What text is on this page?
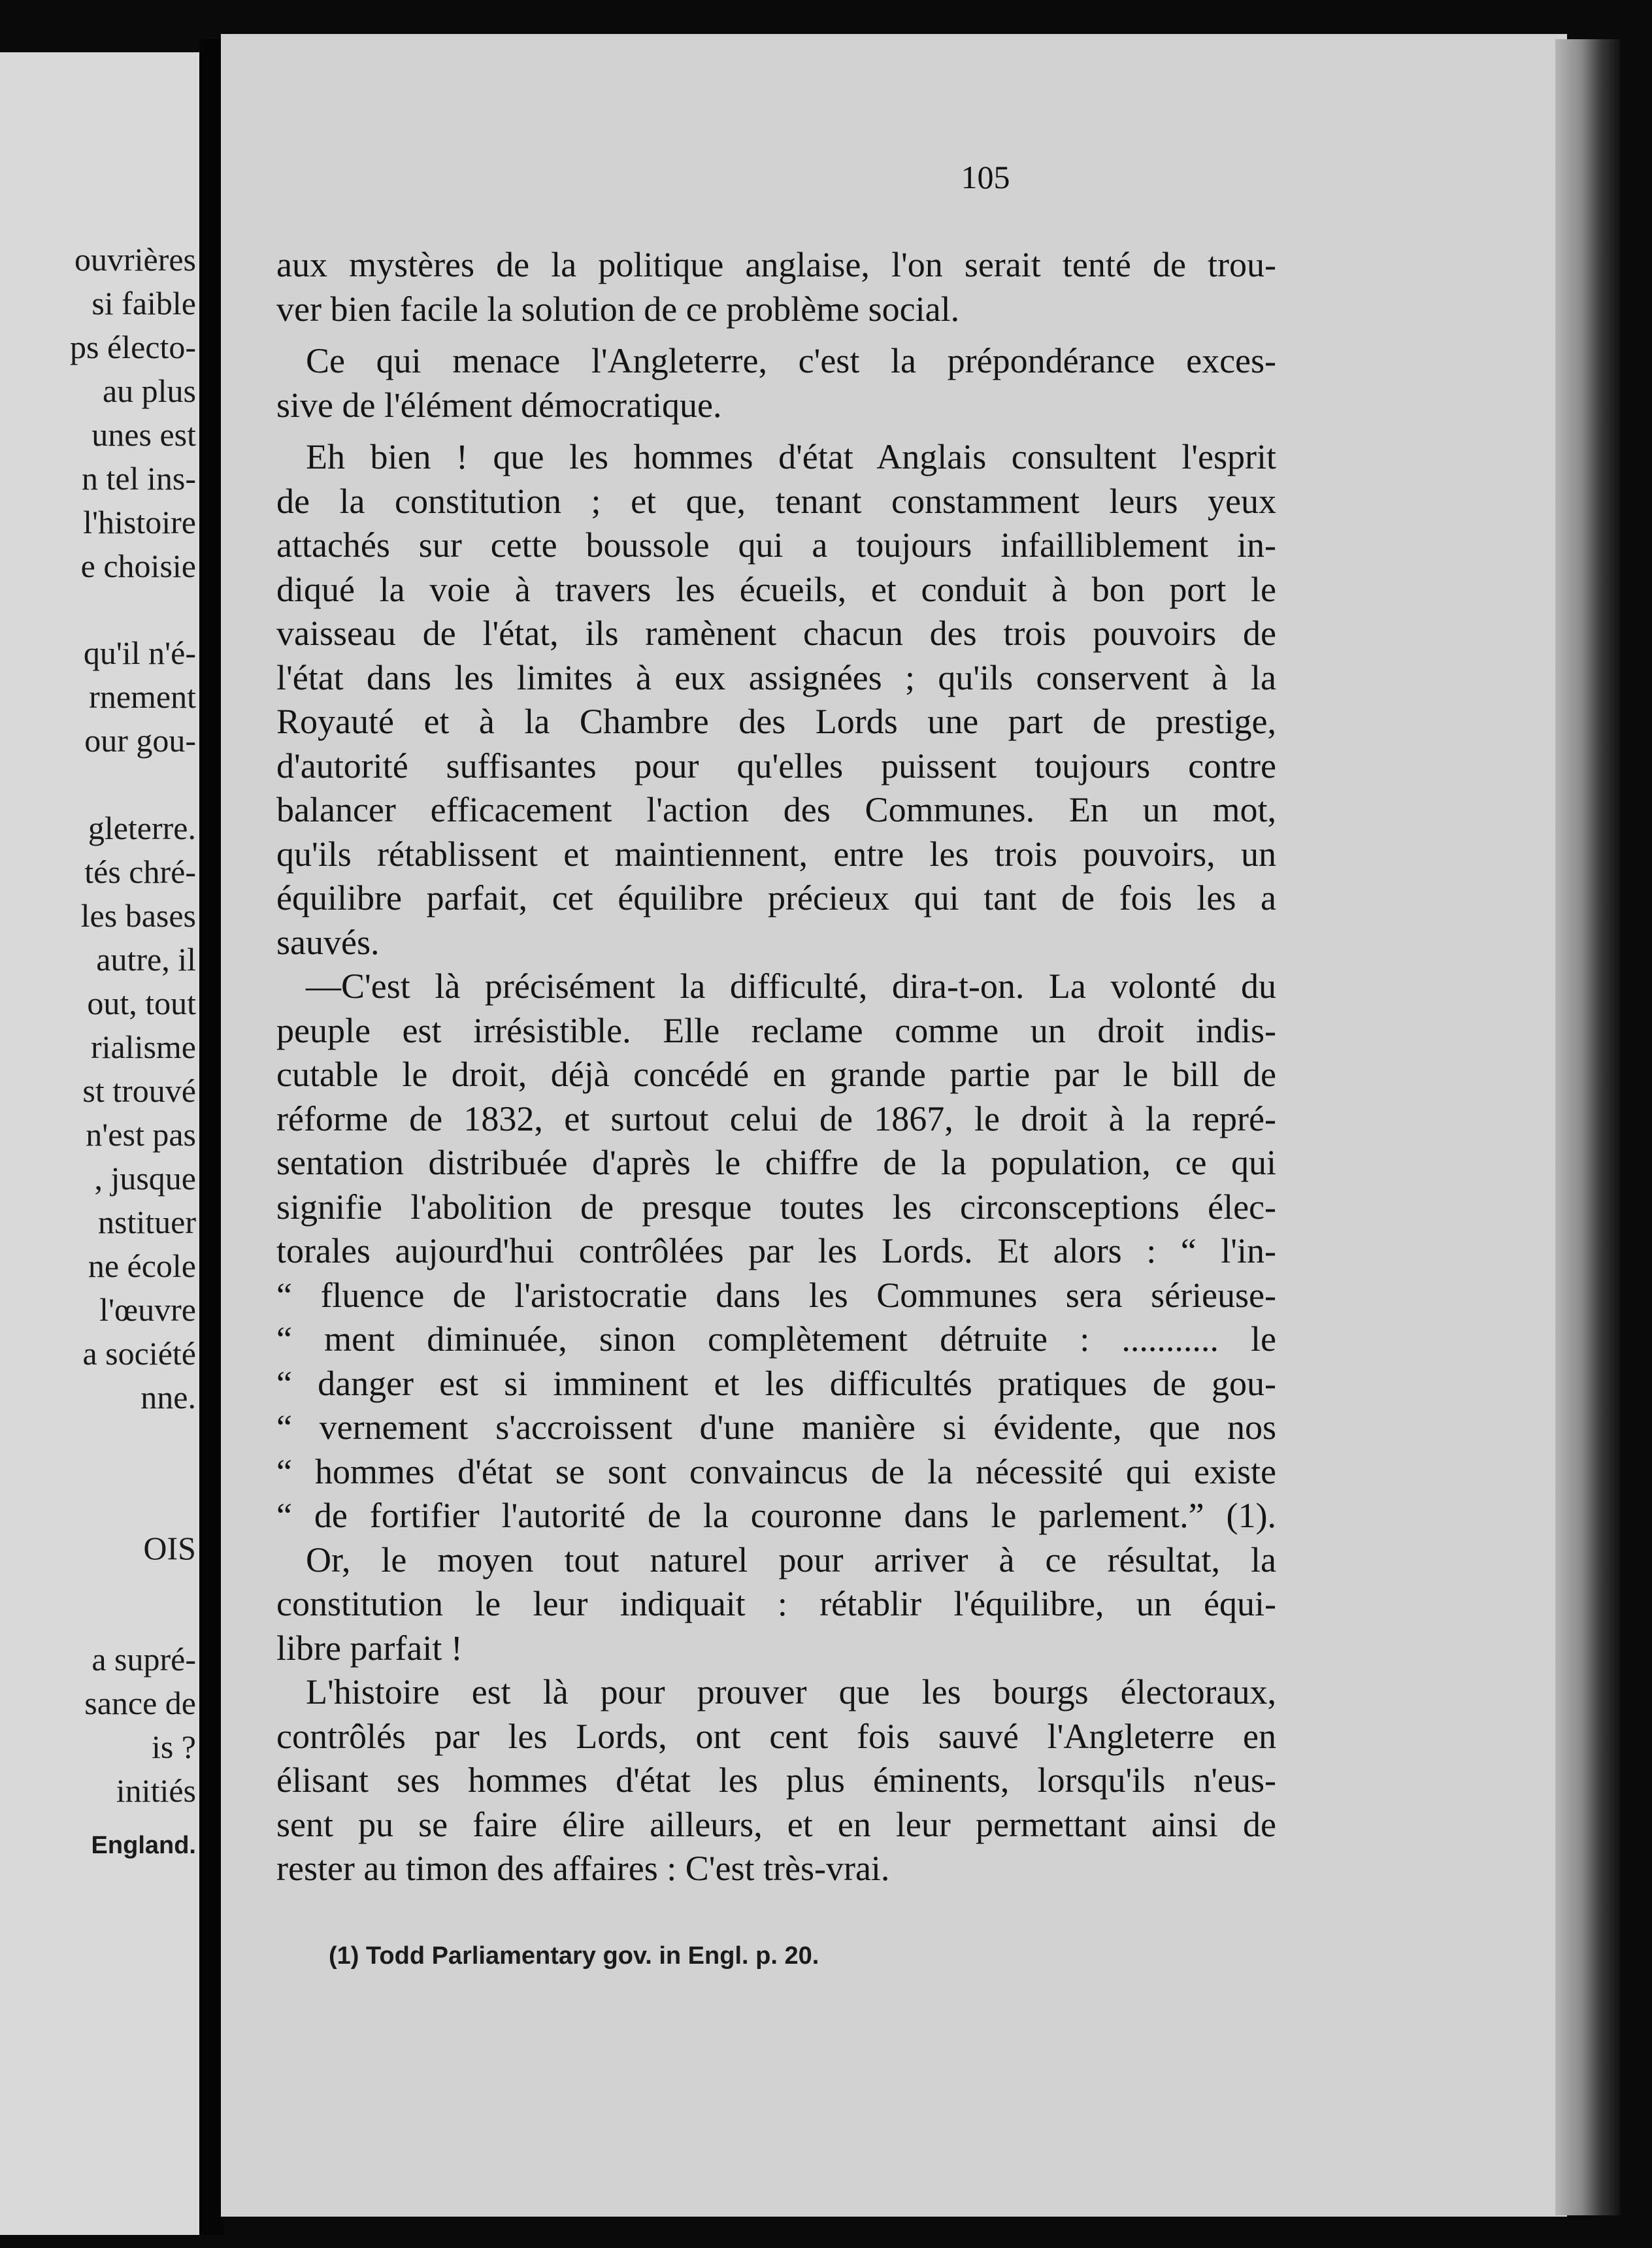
ouvrières
si faible
ps électo-
au plus
unes est
n tel ins-
l'histoire
e choisie
qu'il n'é-
rnement
our gou-
gleterre.
tés chré-
les bases
autre, il
out, tout
rialisme
st trouvé
n'est pas
, jusque
nstituer
ne école
l'œuvre
a société
nne.
OIS
a supré-
sance de
is ?
initiés
England.
105
aux mystères de la politique anglaise, l'on serait tenté de trou-
ver bien facile la solution de ce problème social.
Ce qui menace l'Angleterre, c'est la prépondérance exces-
sive de l'élément démocratique.
Eh bien ! que les hommes d'état Anglais consultent l'esprit
de la constitution ; et que, tenant constamment leurs yeux
attachés sur cette boussole qui a toujours infailliblement in-
diqué la voie à travers les écueils, et conduit à bon port le
vaisseau de l'état, ils ramènent chacun des trois pouvoirs de
l'état dans les limites à eux assignées ; qu'ils conservent à la
Royauté et à la Chambre des Lords une part de prestige,
d'autorité suffisantes pour qu'elles puissent toujours contre
balancer efficacement l'action des Communes. En un mot,
qu'ils rétablissent et maintiennent, entre les trois pouvoirs, un
équilibre parfait, cet équilibre précieux qui tant de fois les a
sauvés.
—C'est là précisément la difficulté, dira-t-on. La volonté du
peuple est irrésistible. Elle reclame comme un droit indis-
cutable le droit, déjà concédé en grande partie par le bill de
réforme de 1832, et surtout celui de 1867, le droit à la repré-
sentation distribuée d'après le chiffre de la population, ce qui
signifie l'abolition de presque toutes les circonsceptions élec-
torales aujourd'hui contrôlées par les Lords. Et alors : “ l'in-
“ fluence de l'aristocratie dans les Communes sera sérieuse-
“ ment diminuée, sinon complètement détruite : ........... le
“ danger est si imminent et les difficultés pratiques de gou-
“ vernement s'accroissent d'une manière si évidente, que nos
“ hommes d'état se sont convaincus de la nécessité qui existe
“ de fortifier l'autorité de la couronne dans le parlement.” (1).
Or, le moyen tout naturel pour arriver à ce résultat, la
constitution le leur indiquait : rétablir l'équilibre, un équi-
libre parfait !
L'histoire est là pour prouver que les bourgs électoraux,
contrôlés par les Lords, ont cent fois sauvé l'Angleterre en
élisant ses hommes d'état les plus éminents, lorsqu'ils n'eus-
sent pu se faire élire ailleurs, et en leur permettant ainsi de
rester au timon des affaires : C'est très-vrai.
(1) Todd Parliamentary gov. in Engl. p. 20.
